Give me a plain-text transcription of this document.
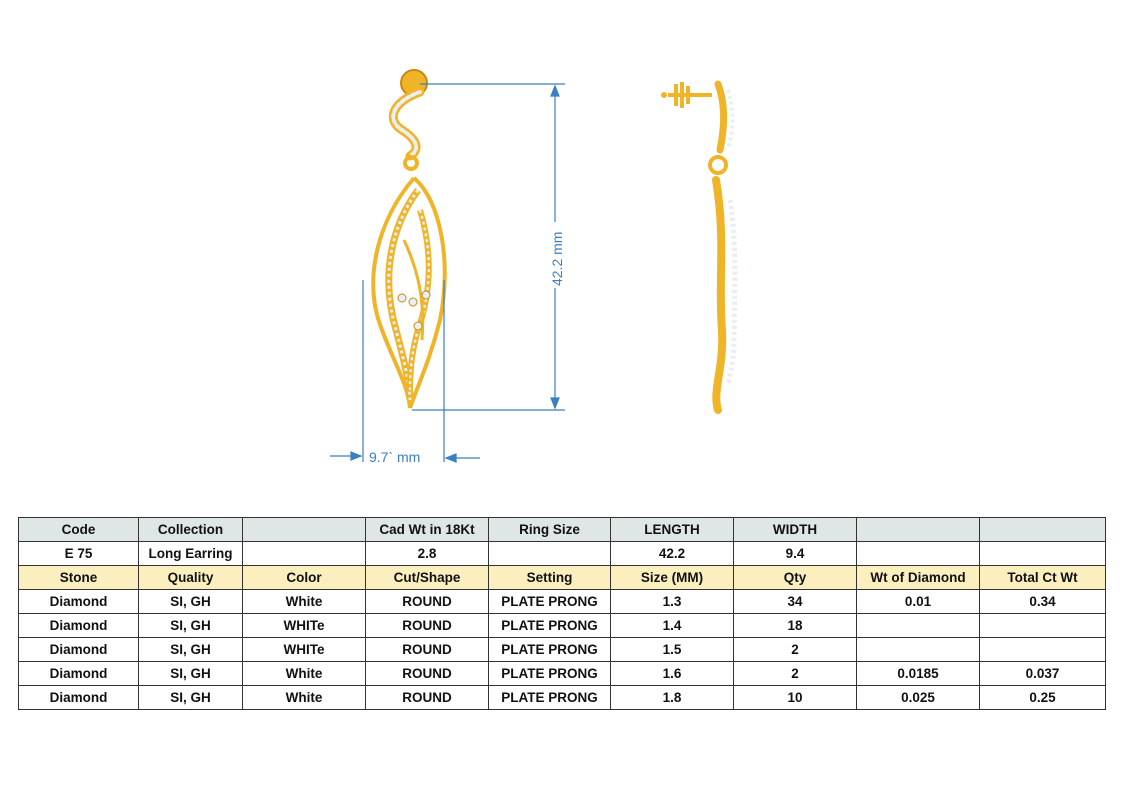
42.2 mm
9.7` mm
Code	Collection		Cad Wt in 18Kt	Ring Size	LENGTH	WIDTH		
E 75	Long Earring		2.8		42.2	9.4		
Stone	Quality	Color	Cut/Shape	Setting	Size (MM)	Qty	Wt of Diamond	Total Ct Wt
Diamond	SI, GH	White	ROUND	PLATE PRONG	1.3	34	0.01	0.34
Diamond	SI, GH	WHITe	ROUND	PLATE PRONG	1.4	18		
Diamond	SI, GH	WHITe	ROUND	PLATE PRONG	1.5	2		
Diamond	SI, GH	White	ROUND	PLATE PRONG	1.6	2	0.0185	0.037
Diamond	SI, GH	White	ROUND	PLATE PRONG	1.8	10	0.025	0.25
